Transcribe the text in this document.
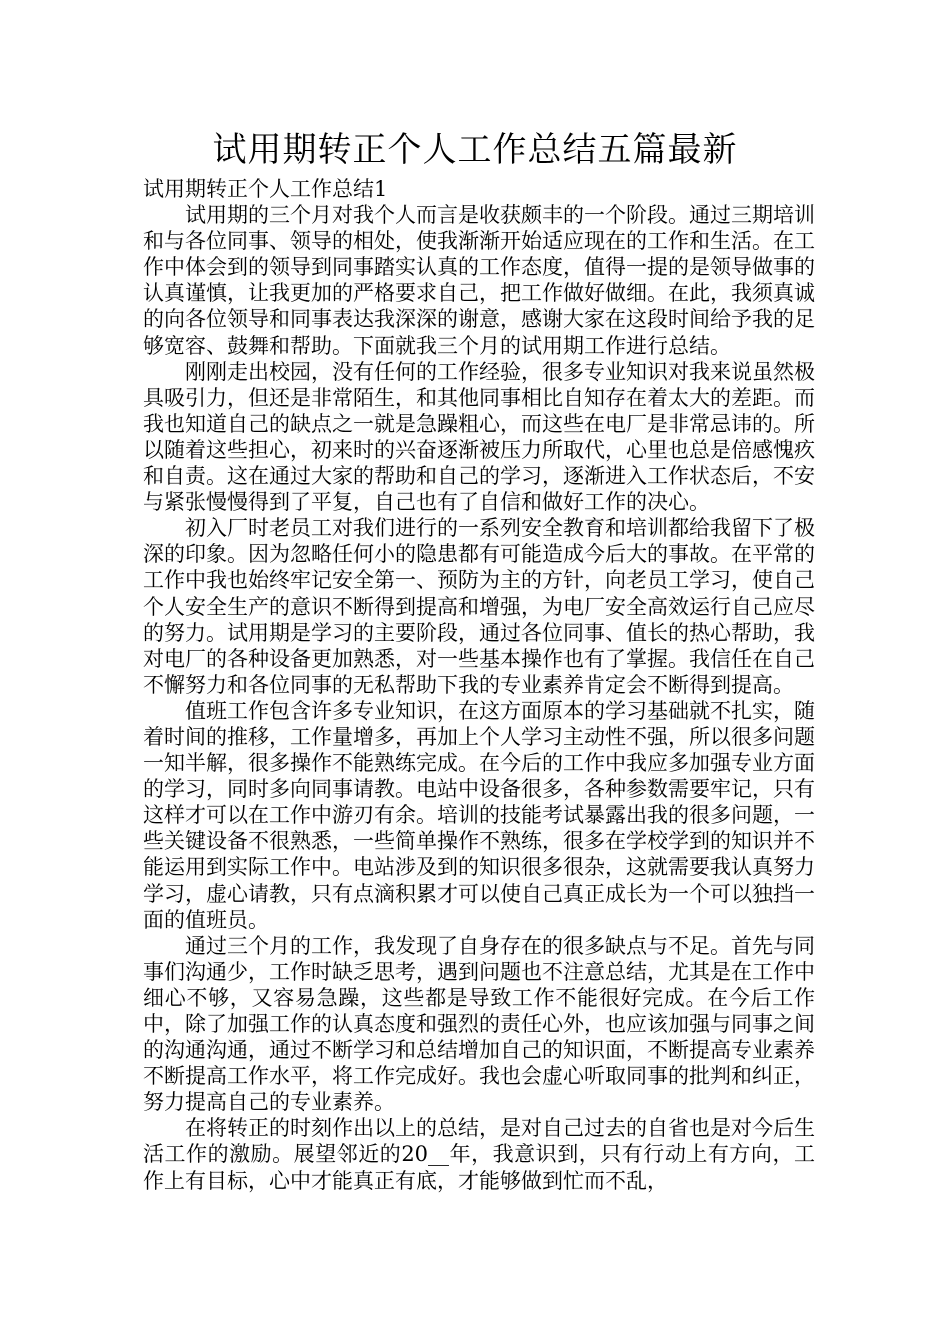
试用期转正个人工作总结五篇最新
试用期转正个人工作总结1

试用期的三个月对我个人而言是收获颇丰的一个阶段。通过三期培训和与各位同事、领导的相处，使我渐渐开始适应现在的工作和生活。在工作中体会到的领导到同事踏实认真的工作态度，值得一提的是领导做事的认真谨慎，让我更加的严格要求自己，把工作做好做细。在此，我须真诚的向各位领导和同事表达我深深的谢意，感谢大家在这段时间给予我的足够宽容、鼓舞和帮助。下面就我三个月的试用期工作进行总结。

刚刚走出校园，没有任何的工作经验，很多专业知识对我来说虽然极具吸引力，但还是非常陌生，和其他同事相比自知存在着太大的差距。而我也知道自己的缺点之一就是急躁粗心，而这些在电厂是非常忌讳的。所以随着这些担心，初来时的兴奋逐渐被压力所取代，心里也总是倍感愧疚和自责。这在通过大家的帮助和自己的学习，逐渐进入工作状态后，不安与紧张慢慢得到了平复，自己也有了自信和做好工作的决心。

初入厂时老员工对我们进行的一系列安全教育和培训都给我留下了极深的印象。因为忽略任何小的隐患都有可能造成今后大的事故。在平常的工作中我也始终牢记安全第一、预防为主的方针，向老员工学习，使自己个人安全生产的意识不断得到提高和增强，为电厂安全高效运行自己应尽的努力。试用期是学习的主要阶段，通过各位同事、值长的热心帮助，我对电厂的各种设备更加熟悉，对一些基本操作也有了掌握。我信任在自己不懈努力和各位同事的无私帮助下我的专业素养肯定会不断得到提高。

值班工作包含许多专业知识，在这方面原本的学习基础就不扎实，随着时间的推移，工作量增多，再加上个人学习主动性不强，所以很多问题一知半解，很多操作不能熟练完成。在今后的工作中我应多加强专业方面的学习，同时多向同事请教。电站中设备很多，各种参数需要牢记，只有这样才可以在工作中游刃有余。培训的技能考试暴露出我的很多问题，一些关键设备不很熟悉，一些简单操作不熟练，很多在学校学到的知识并不能运用到实际工作中。电站涉及到的知识很多很杂，这就需要我认真努力学习，虚心请教，只有点滴积累才可以使自己真正成长为一个可以独挡一面的值班员。

通过三个月的工作，我发现了自身存在的很多缺点与不足。首先与同事们沟通少，工作时缺乏思考，遇到问题也不注意总结，尤其是在工作中细心不够，又容易急躁，这些都是导致工作不能很好完成。在今后工作中，除了加强工作的认真态度和强烈的责任心外，也应该加强与同事之间的沟通沟通，通过不断学习和总结增加自己的知识面，不断提高专业素养不断提高工作水平，将工作完成好。我也会虚心听取同事的批判和纠正，努力提高自己的专业素养。

在将转正的时刻作出以上的总结，是对自己过去的自省也是对今后生活工作的激励。展望邻近的20__年，我意识到，只有行动上有方向，工作上有目标，心中才能真正有底，才能够做到忙而不乱，
